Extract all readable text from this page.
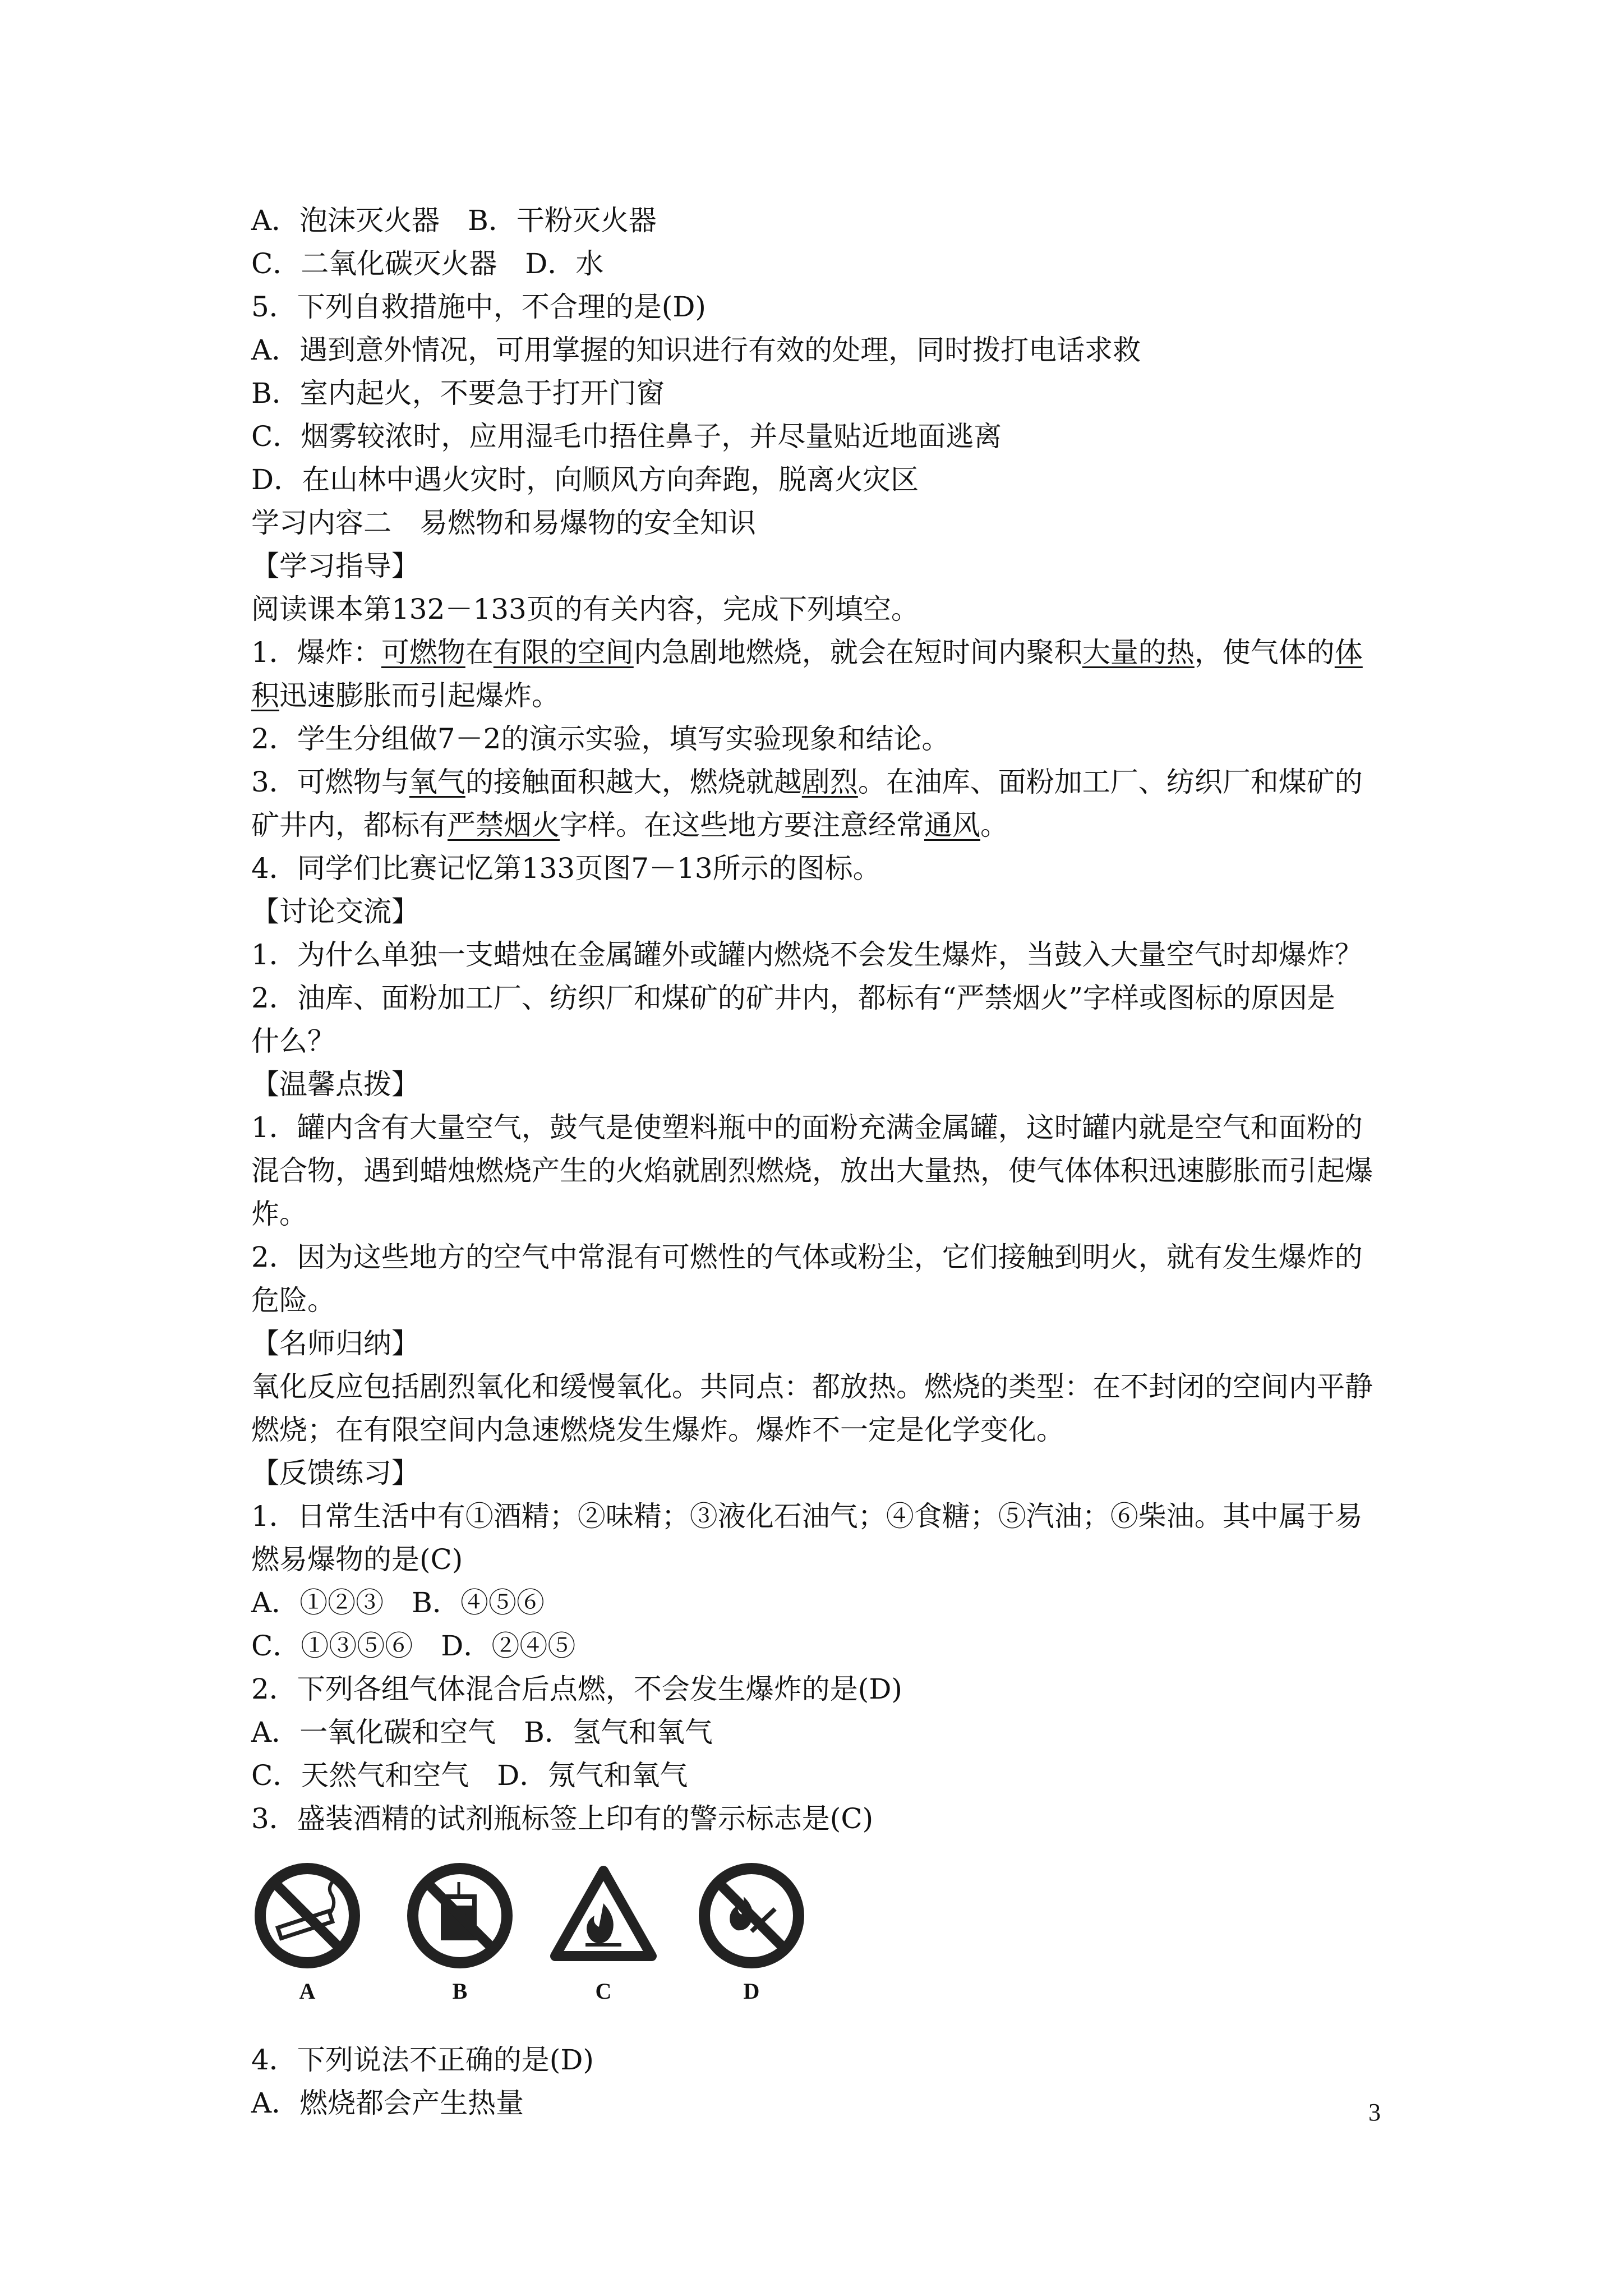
A．泡沫灭火器　B．干粉灭火器
C．二氧化碳灭火器　D．水
5．下列自救措施中，不合理的是(D)
A．遇到意外情况，可用掌握的知识进行有效的处理，同时拨打电话求救
B．室内起火，不要急于打开门窗
C．烟雾较浓时，应用湿毛巾捂住鼻子，并尽量贴近地面逃离
D．在山林中遇火灾时，向顺风方向奔跑，脱离火灾区
学习内容二　易燃物和易爆物的安全知识
【学习指导】
阅读课本第132－133页的有关内容，完成下列填空。
1．爆炸：可燃物在有限的空间内急剧地燃烧，就会在短时间内聚积大量的热，使气体的体
积迅速膨胀而引起爆炸。
2．学生分组做7－2的演示实验，填写实验现象和结论。
3．可燃物与氧气的接触面积越大，燃烧就越剧烈。在油库、面粉加工厂、纺织厂和煤矿的
矿井内，都标有严禁烟火字样。在这些地方要注意经常通风。
4．同学们比赛记忆第133页图7－13所示的图标。
【讨论交流】
1．为什么单独一支蜡烛在金属罐外或罐内燃烧不会发生爆炸，当鼓入大量空气时却爆炸？
2．油库、面粉加工厂、纺织厂和煤矿的矿井内，都标有“严禁烟火”字样或图标的原因是
什么？
【温馨点拨】
1．罐内含有大量空气，鼓气是使塑料瓶中的面粉充满金属罐，这时罐内就是空气和面粉的
混合物，遇到蜡烛燃烧产生的火焰就剧烈燃烧，放出大量热，使气体体积迅速膨胀而引起爆
炸。
2．因为这些地方的空气中常混有可燃性的气体或粉尘，它们接触到明火，就有发生爆炸的
危险。
【名师归纳】
氧化反应包括剧烈氧化和缓慢氧化。共同点：都放热。燃烧的类型：在不封闭的空间内平静
燃烧；在有限空间内急速燃烧发生爆炸。爆炸不一定是化学变化。
【反馈练习】
1．日常生活中有①酒精；②味精；③液化石油气；④食糖；⑤汽油；⑥柴油。其中属于易
燃易爆物的是(C)
A．①②③　B．④⑤⑥
C．①③⑤⑥　D．②④⑤
2．下列各组气体混合后点燃，不会发生爆炸的是(D)
A．一氧化碳和空气　B．氢气和氧气
C．天然气和空气　D．氖气和氧气
3．盛装酒精的试剂瓶标签上印有的警示标志是(C)
A	B	C	D
4．下列说法不正确的是(D)
A．燃烧都会产生热量	3
